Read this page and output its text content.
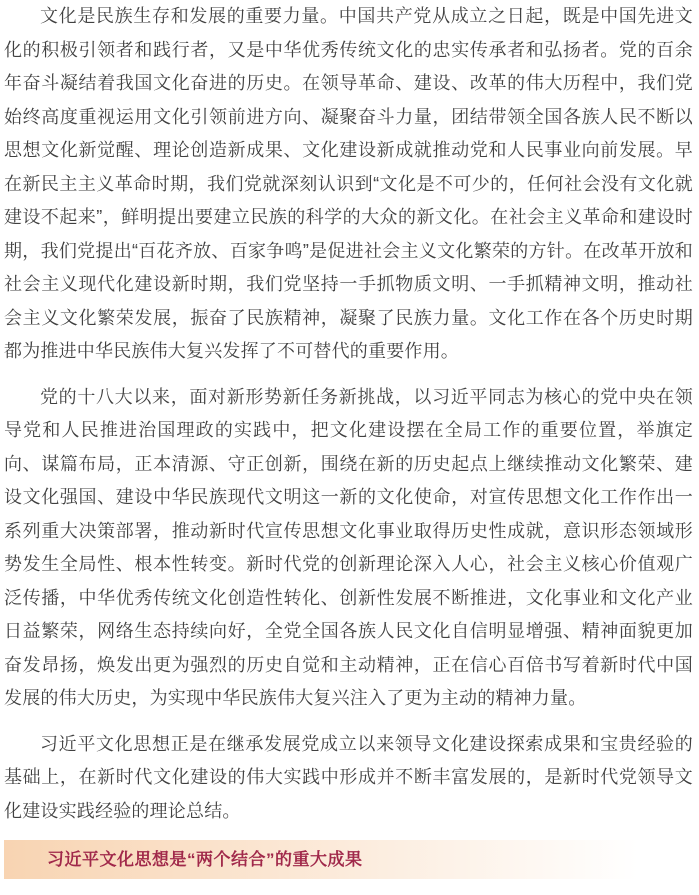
文化是民族生存和发展的重要力量。中国共产党从成立之日起，既是中国先进文化的积极引领者和践行者，又是中华优秀传统文化的忠实传承者和弘扬者。党的百余年奋斗凝结着我国文化奋进的历史。在领导革命、建设、改革的伟大历程中，我们党始终高度重视运用文化引领前进方向、凝聚奋斗力量，团结带领全国各族人民不断以思想文化新觉醒、理论创造新成果、文化建设新成就推动党和人民事业向前发展。早在新民主主义革命时期，我们党就深刻认识到“文化是不可少的，任何社会没有文化就建设不起来”，鲜明提出要建立民族的科学的大众的新文化。在社会主义革命和建设时期，我们党提出“百花齐放、百家争鸣”是促进社会主义文化繁荣的方针。在改革开放和社会主义现代化建设新时期，我们党坚持一手抓物质文明、一手抓精神文明，推动社会主义文化繁荣发展，振奋了民族精神，凝聚了民族力量。文化工作在各个历史时期都为推进中华民族伟大复兴发挥了不可替代的重要作用。

党的十八大以来，面对新形势新任务新挑战，以习近平同志为核心的党中央在领导党和人民推进治国理政的实践中，把文化建设摆在全局工作的重要位置，举旗定向、谋篇布局，正本清源、守正创新，围绕在新的历史起点上继续推动文化繁荣、建设文化强国、建设中华民族现代文明这一新的文化使命，对宣传思想文化工作作出一系列重大决策部署，推动新时代宣传思想文化事业取得历史性成就，意识形态领域形势发生全局性、根本性转变。新时代党的创新理论深入人心，社会主义核心价值观广泛传播，中华优秀传统文化创造性转化、创新性发展不断推进，文化事业和文化产业日益繁荣，网络生态持续向好，全党全国各族人民文化自信明显增强、精神面貌更加奋发昂扬，焕发出更为强烈的历史自觉和主动精神，正在信心百倍书写着新时代中国发展的伟大历史，为实现中华民族伟大复兴注入了更为主动的精神力量。

习近平文化思想正是在继承发展党成立以来领导文化建设探索成果和宝贵经验的基础上，在新时代文化建设的伟大实践中形成并不断丰富发展的，是新时代党领导文化建设实践经验的理论总结。

习近平文化思想是“两个结合”的重大成果
